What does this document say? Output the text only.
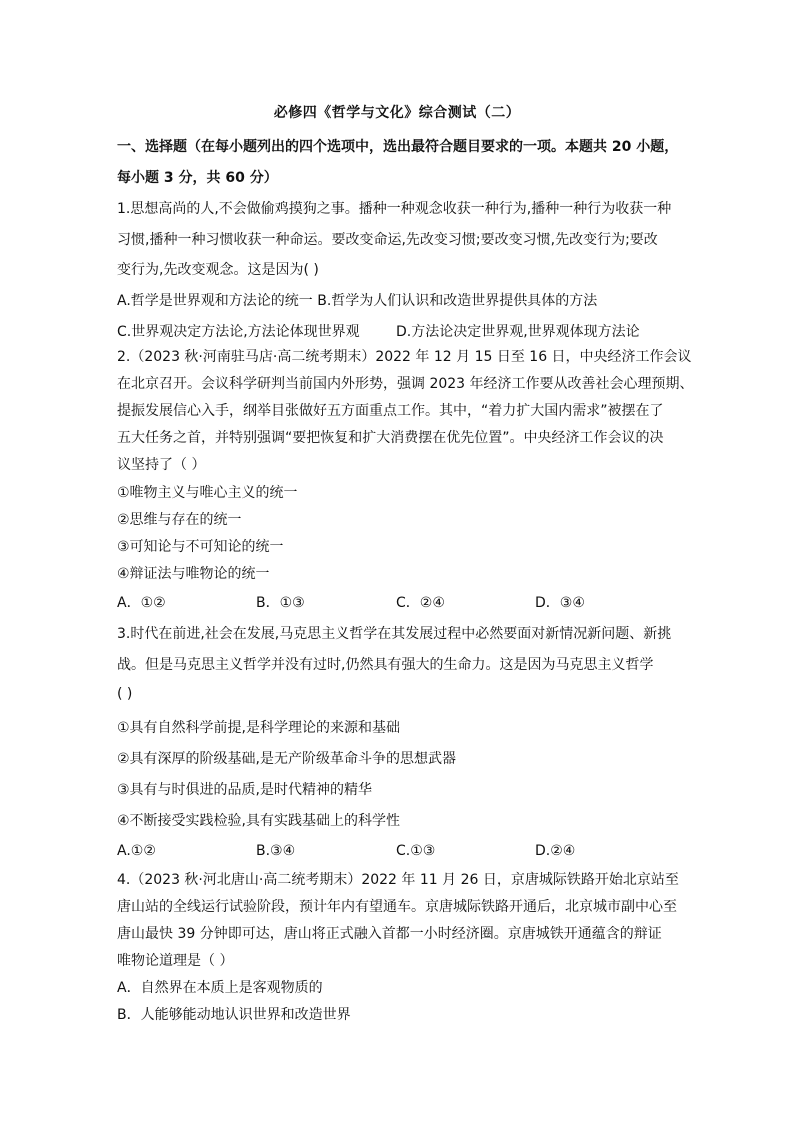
必修四《哲学与文化》综合测试（二）
一、选择题（在每小题列出的四个选项中，选出最符合题目要求的一项。本题共 20 小题，
每小题 3 分，共 60 分）
1.思想高尚的人,不会做偷鸡摸狗之事。播种一种观念收获一种行为,播种一种行为收获一种
习惯,播种一种习惯收获一种命运。要改变命运,先改变习惯;要改变习惯,先改变行为;要改
变行为,先改变观念。这是因为( )
A.哲学是世界观和方法论的统一 B.哲学为人们认识和改造世界提供具体的方法
C.世界观决定方法论,方法论体现世界观	D.方法论决定世界观,世界观体现方法论
2.（2023 秋·河南驻马店·高二统考期末）2022 年 12 月 15 日至 16 日，中央经济工作会议
在北京召开。会议科学研判当前国内外形势，强调 2023 年经济工作要从改善社会心理预期、
提振发展信心入手，纲举目张做好五方面重点工作。其中，“着力扩大国内需求”被摆在了
五大任务之首，并特别强调“要把恢复和扩大消费摆在优先位置”。中央经济工作会议的决
议坚持了（ ）
①唯物主义与唯心主义的统一
②思维与存在的统一
③可知论与不可知论的统一
④辩证法与唯物论的统一
A．①②	B．①③	C．②④	D．③④
3.时代在前进,社会在发展,马克思主义哲学在其发展过程中必然要面对新情况新问题、新挑
战。但是马克思主义哲学并没有过时,仍然具有强大的生命力。这是因为马克思主义哲学
( )
①具有自然科学前提,是科学理论的来源和基础
②具有深厚的阶级基础,是无产阶级革命斗争的思想武器
③具有与时俱进的品质,是时代精神的精华
④不断接受实践检验,具有实践基础上的科学性
A.①②	B.③④	C.①③	D.②④
4.（2023 秋·河北唐山·高二统考期末）2022 年 11 月 26 日，京唐城际铁路开始北京站至
唐山站的全线运行试验阶段，预计年内有望通车。京唐城际铁路开通后，北京城市副中心至
唐山最快 39 分钟即可达，唐山将正式融入首都一小时经济圈。京唐城铁开通蕴含的辩证
唯物论道理是（ ）
A．自然界在本质上是客观物质的
B．人能够能动地认识世界和改造世界
